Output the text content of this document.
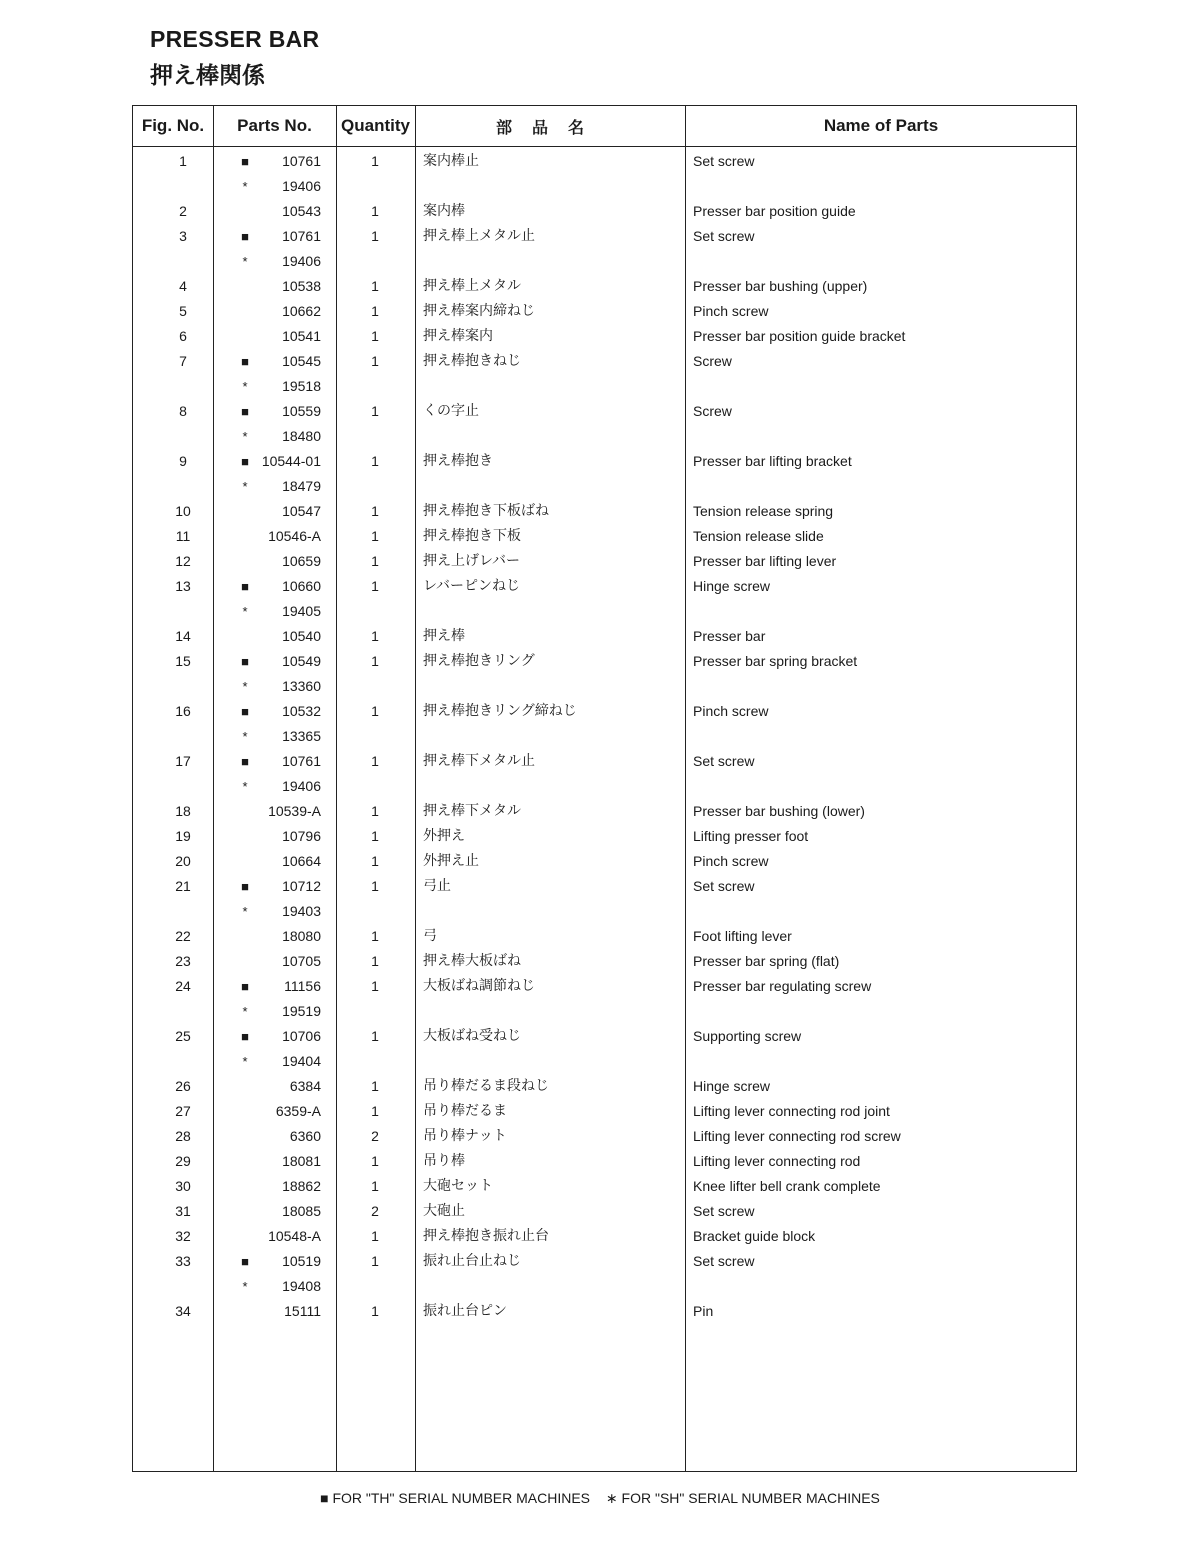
PRESSER BAR
押え棒関係
Fig. No.	Parts No.	Quantity	部品名	Name of Parts
1	■	10761	1	案内棒止	Set screw
*	19406
2	10543	1	案内棒	Presser bar position guide
3	■	10761	1	押え棒上メタル止	Set screw
*	19406
4	10538	1	押え棒上メタル	Presser bar bushing (upper)
5	10662	1	押え棒案内締ねじ	Pinch screw
6	10541	1	押え棒案内	Presser bar position guide bracket
7	■	10545	1	押え棒抱きねじ	Screw
*	19518
8	■	10559	1	くの字止	Screw
*	18480
9	■ 10544-01	1	押え棒抱き	Presser bar lifting bracket
*	18479
10	10547	1	押え棒抱き下板ばね	Tension release spring
11	10546-A	1	押え棒抱き下板	Tension release slide
12	10659	1	押え上げレバー	Presser bar lifting lever
13	■	10660	1	レバーピンねじ	Hinge screw
*	19405
14	10540	1	押え棒	Presser bar
15	■	10549	1	押え棒抱きリング	Presser bar spring bracket
*	13360
16	■	10532	1	押え棒抱きリング締ねじ	Pinch screw
*	13365
17	■	10761	1	押え棒下メタル止	Set screw
*	19406
18	10539-A	1	押え棒下メタル	Presser bar bushing (lower)
19	10796	1	外押え	Lifting presser foot
20	10664	1	外押え止	Pinch screw
21	■	10712	1	弓止	Set screw
*	19403
22	18080	1	弓	Foot lifting lever
23	10705	1	押え棒大板ばね	Presser bar spring (flat)
24	■	11156	1	大板ばね調節ねじ	Presser bar regulating screw
*	19519
25	■	10706	1	大板ばね受ねじ	Supporting screw
*	19404
26	6384	1	吊り棒だるま段ねじ	Hinge screw
27	6359-A	1	吊り棒だるま	Lifting lever connecting rod joint
28	6360	2	吊り棒ナット	Lifting lever connecting rod screw
29	18081	1	吊り棒	Lifting lever connecting rod
30	18862	1	大砲セット	Knee lifter bell crank complete
31	18085	2	大砲止	Set screw
32	10548-A	1	押え棒抱き振れ止台	Bracket guide block
33	■	10519	1	振れ止台止ねじ	Set screw
*	19408
34	15111	1	振れ止台ピン	Pin
■ FOR "TH" SERIAL NUMBER MACHINES ∗ FOR "SH" SERIAL NUMBER MACHINES
